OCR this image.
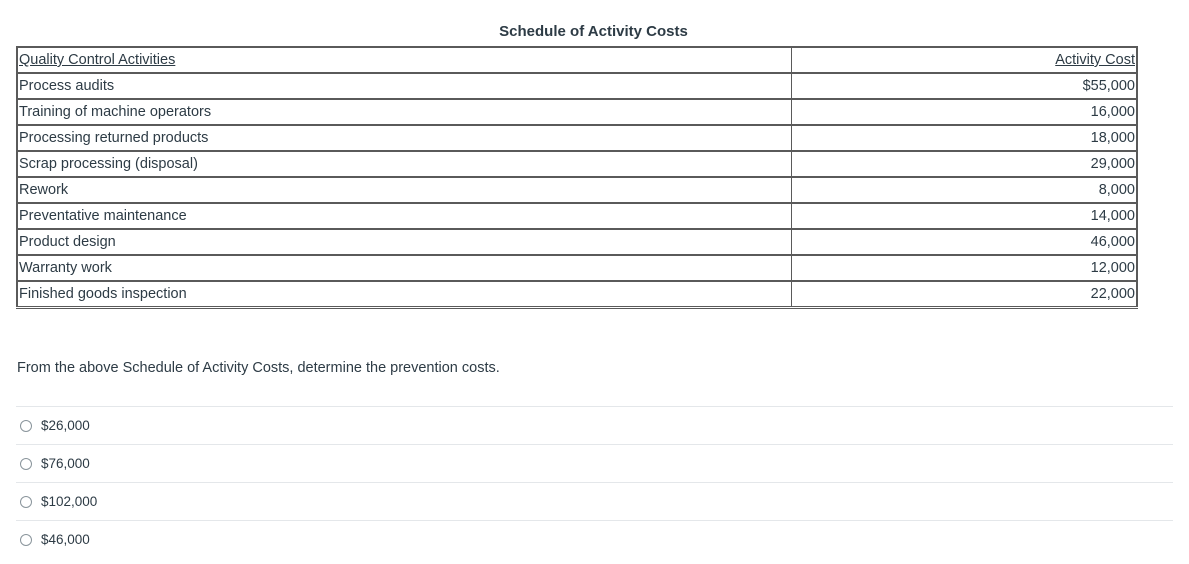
Schedule of Activity Costs
Quality Control Activities	Activity Cost
Process audits	$55,000
Training of machine operators	16,000
Processing returned products	18,000
Scrap processing (disposal)	29,000
Rework	8,000
Preventative maintenance	14,000
Product design	46,000
Warranty work	12,000
Finished goods inspection	22,000
From the above Schedule of Activity Costs, determine the prevention costs.
$26,000
$76,000
$102,000
$46,000
